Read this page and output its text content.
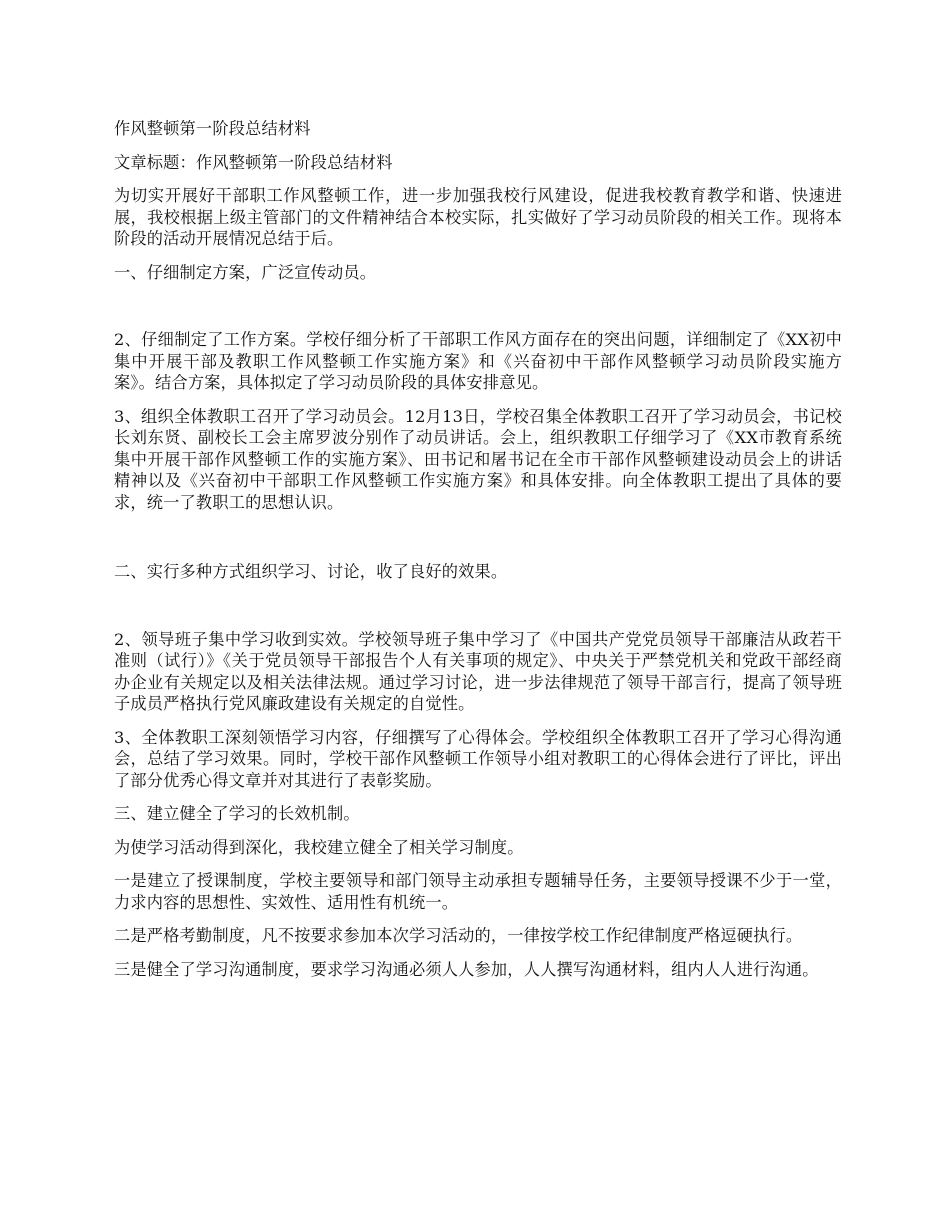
作风整顿第一阶段总结材料

文章标题：作风整顿第一阶段总结材料

为切实开展好干部职工作风整顿工作，进一步加强我校行风建设，促进我校教育教学和谐、快速进展，我校根据上级主管部门的文件精神结合本校实际，扎实做好了学习动员阶段的相关工作。现将本阶段的活动开展情况总结于后。

一、仔细制定方案，广泛宣传动员。

2、仔细制定了工作方案。学校仔细分析了干部职工作风方面存在的突出问题，详细制定了《XX初中集中开展干部及教职工作风整顿工作实施方案》和《兴奋初中干部作风整顿学习动员阶段实施方案》。结合方案，具体拟定了学习动员阶段的具体安排意见。

3、组织全体教职工召开了学习动员会。12月13日，学校召集全体教职工召开了学习动员会，书记校长刘东贤、副校长工会主席罗波分别作了动员讲话。会上，组织教职工仔细学习了《XX市教育系统集中开展干部作风整顿工作的实施方案》、田书记和屠书记在全市干部作风整顿建设动员会上的讲话精神以及《兴奋初中干部职工作风整顿工作实施方案》和具体安排。向全体教职工提出了具体的要求，统一了教职工的思想认识。

二、实行多种方式组织学习、讨论，收了良好的效果。

2、领导班子集中学习收到实效。学校领导班子集中学习了《中国共产党党员领导干部廉洁从政若干准则（试行）》《关于党员领导干部报告个人有关事项的规定》、中央关于严禁党机关和党政干部经商办企业有关规定以及相关法律法规。通过学习讨论，进一步法律规范了领导干部言行，提高了领导班子成员严格执行党风廉政建设有关规定的自觉性。

3、全体教职工深刻领悟学习内容，仔细撰写了心得体会。学校组织全体教职工召开了学习心得沟通会，总结了学习效果。同时，学校干部作风整顿工作领导小组对教职工的心得体会进行了评比，评出了部分优秀心得文章并对其进行了表彰奖励。

三、建立健全了学习的长效机制。

为使学习活动得到深化，我校建立健全了相关学习制度。

一是建立了授课制度，学校主要领导和部门领导主动承担专题辅导任务，主要领导授课不少于一堂，力求内容的思想性、实效性、适用性有机统一。

二是严格考勤制度，凡不按要求参加本次学习活动的，一律按学校工作纪律制度严格逗硬执行。

三是健全了学习沟通制度，要求学习沟通必须人人参加，人人撰写沟通材料，组内人人进行沟通。
